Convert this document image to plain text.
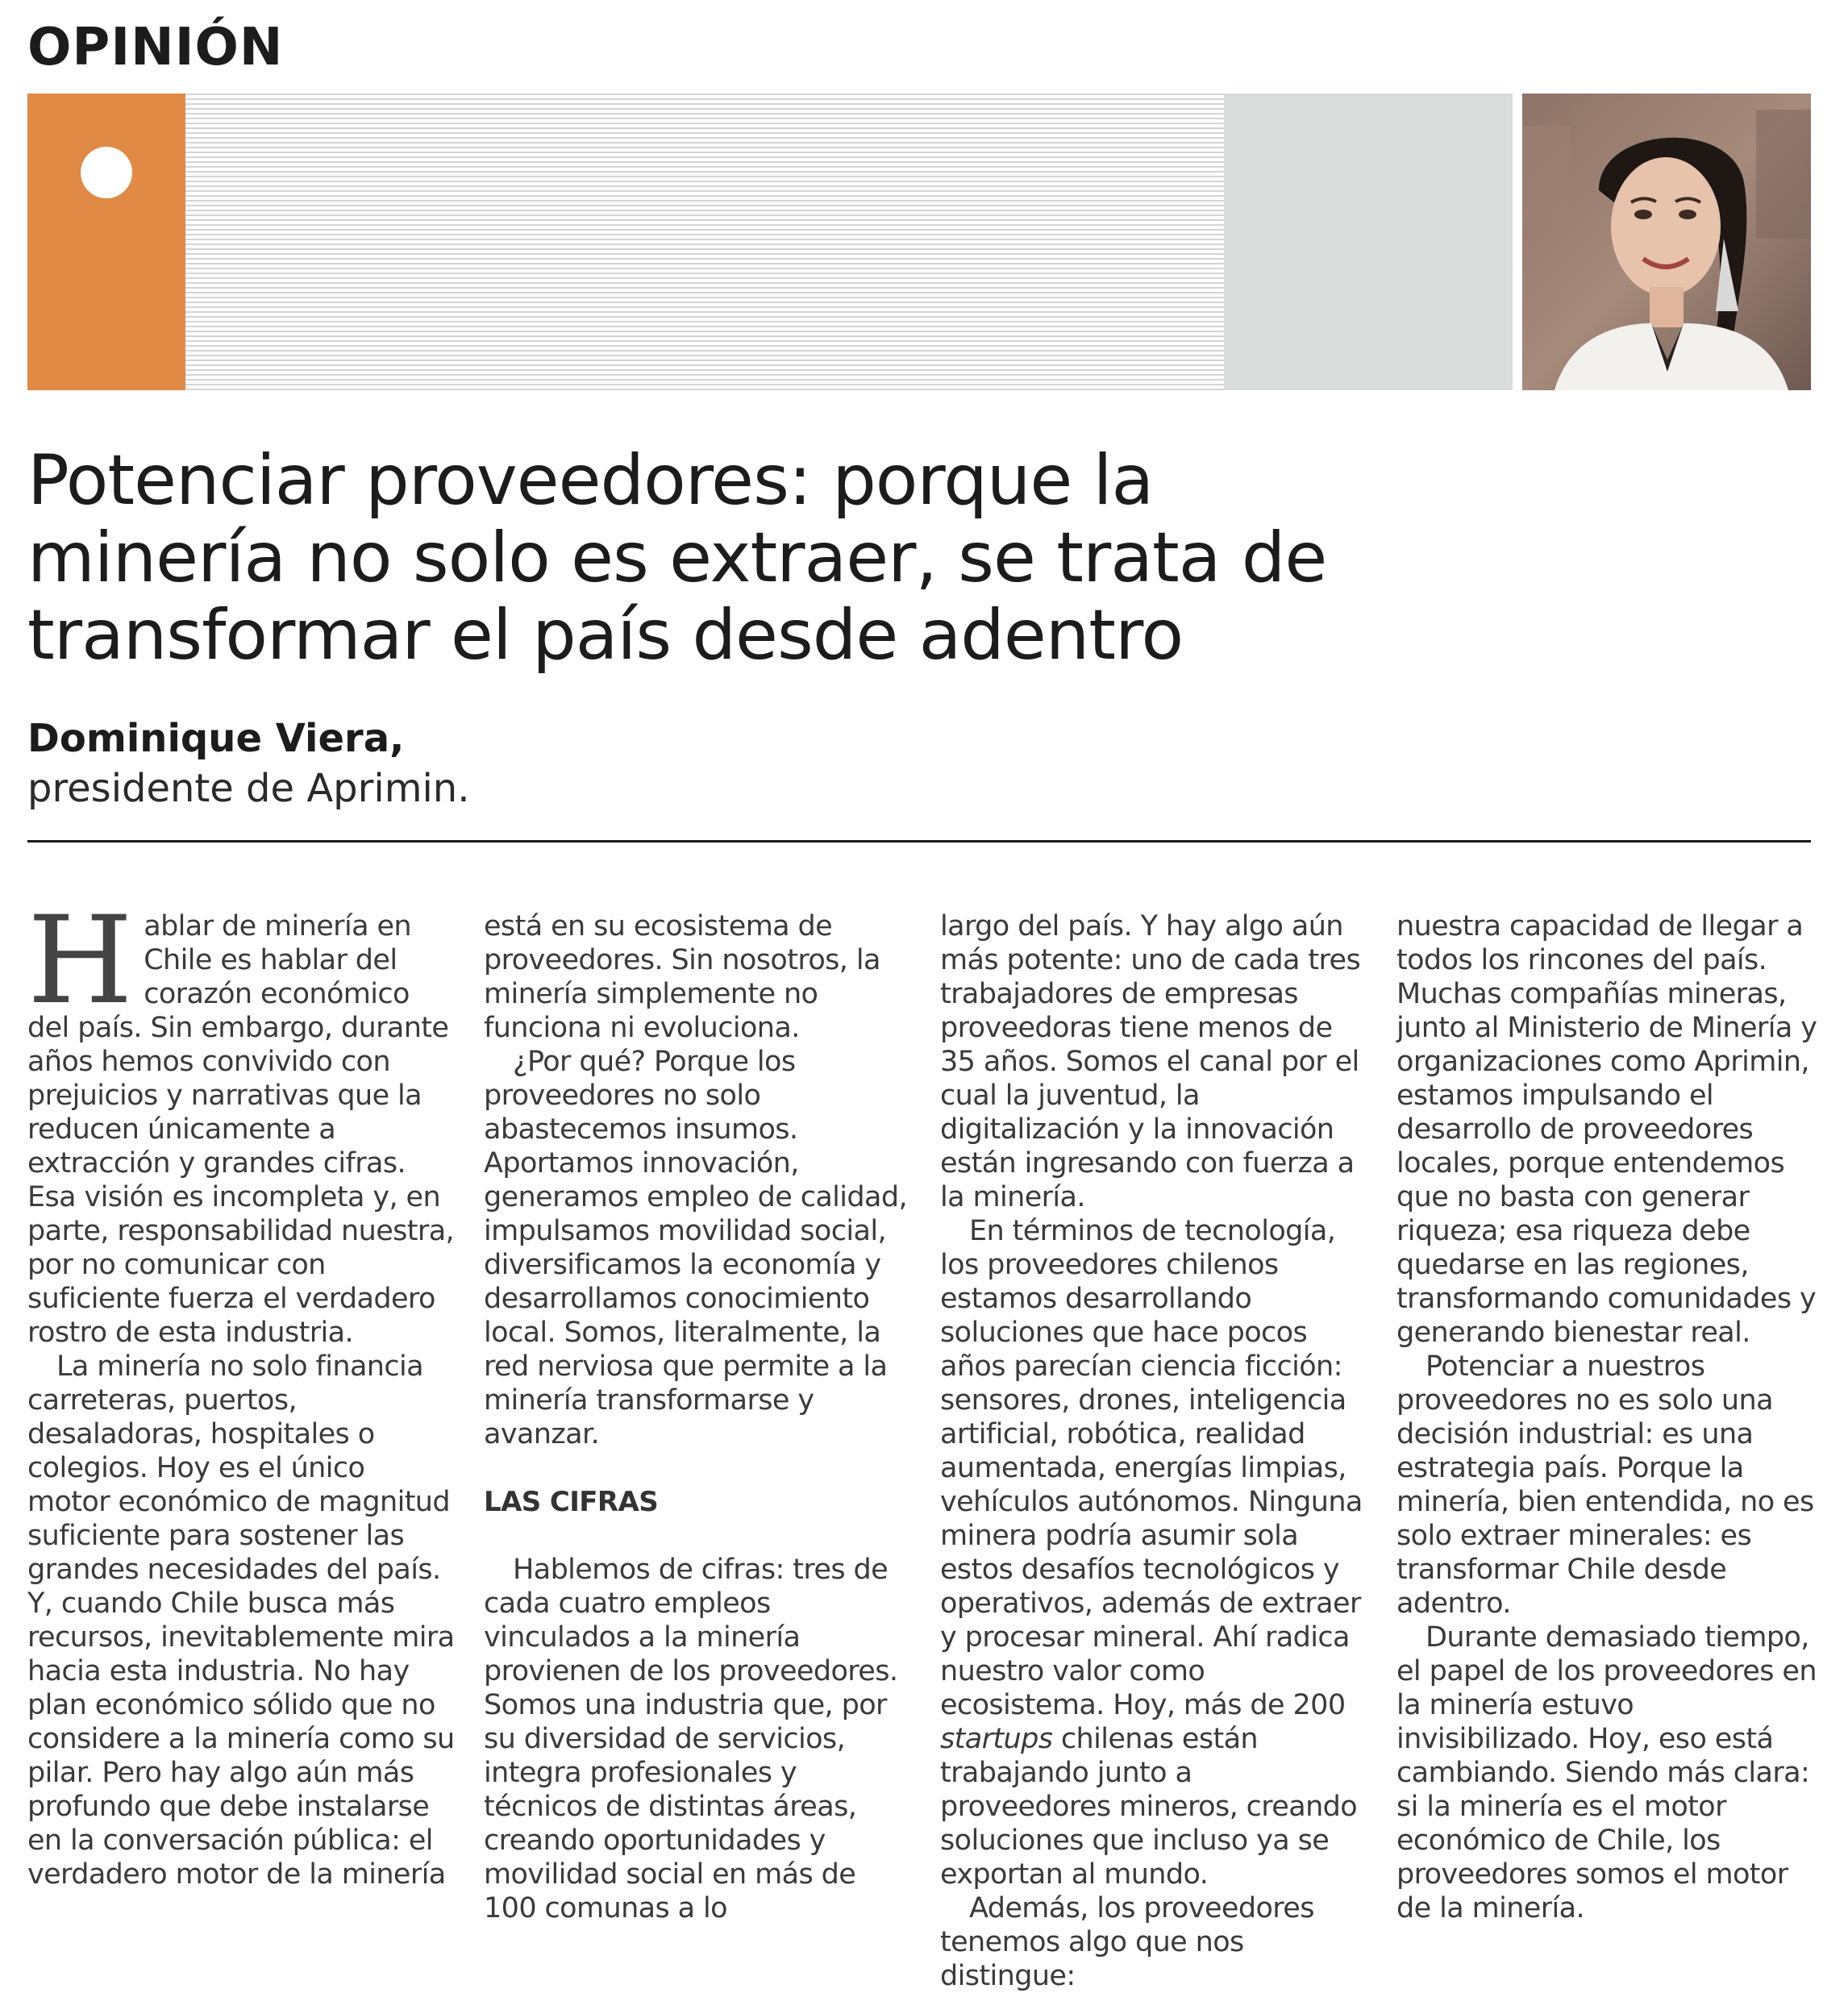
OPINIÓN
Potenciar proveedores: porque la minería no solo es extraer, se trata de transformar el país desde adentro

Dominique Viera,

presidente de Aprimin.

Hablar de minería en Chile es hablar del corazón económico del país. Sin embargo, durante años hemos convivido con prejuicios y narrativas que la reducen únicamente a extracción y grandes cifras. Esa visión es incompleta y, en parte, responsabilidad nuestra, por no comunicar con suficiente fuerza el verdadero rostro de esta industria.

La minería no solo financia carreteras, puertos, desaladoras, hospitales o colegios. Hoy es el único motor económico de magnitud suficiente para sostener las grandes necesidades del país. Y, cuando Chile busca más recursos, inevitablemente mira hacia esta industria. No hay plan económico sólido que no considere a la minería como su pilar. Pero hay algo aún más profundo que debe instalarse en la conversación pública: el verdadero motor de la minería

está en su ecosistema de proveedores. Sin nosotros, la minería simplemente no funciona ni evoluciona.

¿Por qué? Porque los proveedores no solo abastecemos insumos. Aportamos innovación, generamos empleo de calidad, impulsamos movilidad social, diversificamos la economía y desarrollamos conocimiento local. Somos, literalmente, la red nerviosa que permite a la minería transformarse y avanzar.

LAS CIFRAS

Hablemos de cifras: tres de cada cuatro empleos vinculados a la minería provienen de los proveedores. Somos una industria que, por su diversidad de servicios, integra profesionales y técnicos de distintas áreas, creando oportunidades y movilidad social en más de 100 comunas a lo

largo del país. Y hay algo aún más potente: uno de cada tres trabajadores de empresas proveedoras tiene menos de 35 años. Somos el canal por el cual la juventud, la digitalización y la innovación están ingresando con fuerza a la minería.

En términos de tecnología, los proveedores chilenos estamos desarrollando soluciones que hace pocos años parecían ciencia ficción: sensores, drones, inteligencia artificial, robótica, realidad aumentada, energías limpias, vehículos autónomos. Ninguna minera podría asumir sola estos desafíos tecnológicos y operativos, además de extraer y procesar mineral. Ahí radica nuestro valor como ecosistema. Hoy, más de 200 startups chilenas están trabajando junto a proveedores mineros, creando soluciones que incluso ya se exportan al mundo.

Además, los proveedores tenemos algo que nos distingue:

nuestra capacidad de llegar a todos los rincones del país. Muchas compañías mineras, junto al Ministerio de Minería y organizaciones como Aprimin, estamos impulsando el desarrollo de proveedores locales, porque entendemos que no basta con generar riqueza; esa riqueza debe quedarse en las regiones, transformando comunidades y generando bienestar real.

Potenciar a nuestros proveedores no es solo una decisión industrial: es una estrategia país. Porque la minería, bien entendida, no es solo extraer minerales: es transformar Chile desde adentro.

Durante demasiado tiempo, el papel de los proveedores en la minería estuvo invisibilizado. Hoy, eso está cambiando. Siendo más clara: si la minería es el motor económico de Chile, los proveedores somos el motor de la minería.
